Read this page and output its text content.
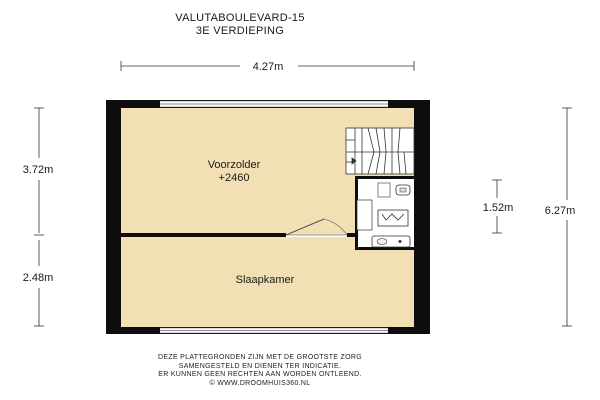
VALUTABOULEVARD-15
3E VERDIEPING
Voorzolder
+2460
Slaapkamer
4.27m
3.72m
2.48m
1.52m	6.27m
DEZE PLATTEGRONDEN ZIJN MET DE GROOTSTE ZORG
SAMENGESTELD EN DIENEN TER INDICATIE.
ER KUNNEN GEEN RECHTEN AAN WORDEN ONTLEEND.
© WWW.DROOMHUIS360.NL
